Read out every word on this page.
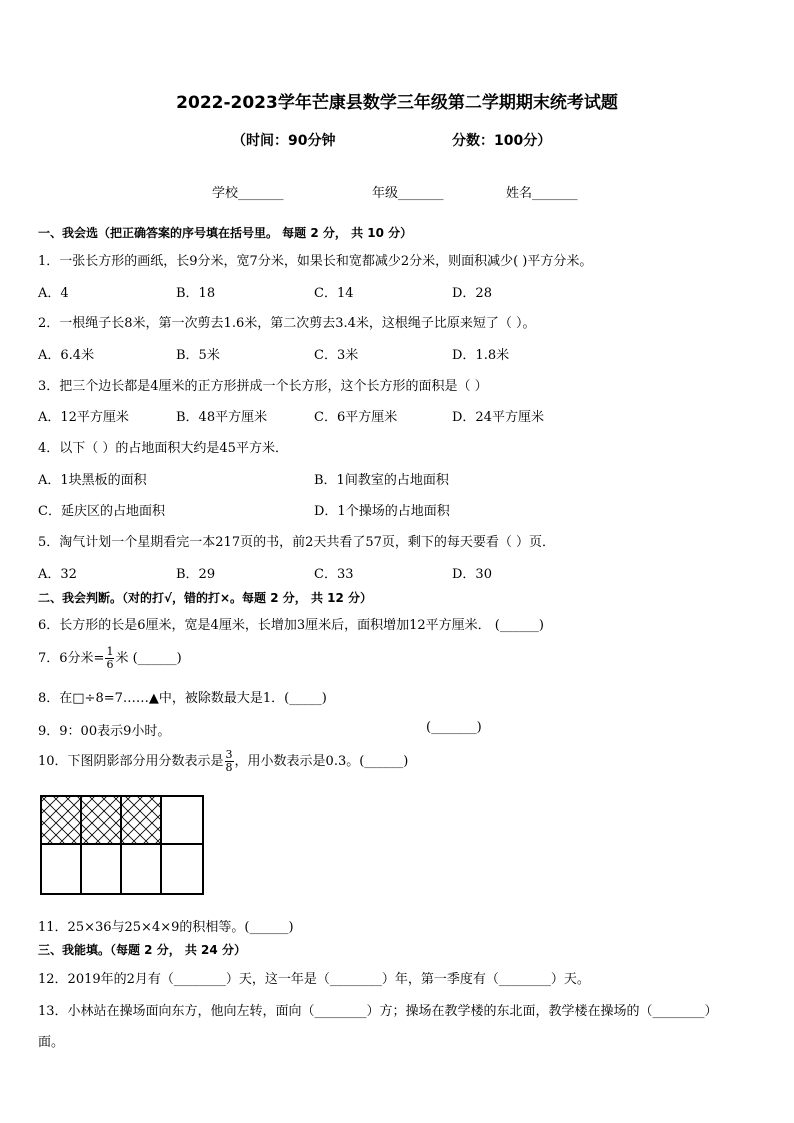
2022-2023学年芒康县数学三年级第二学期期末统考试题
（时间：90分钟	分数：100分）
学校_______	年级_______	姓名_______
一、我会选（把正确答案的序号填在括号里。 每题 2 分， 共 10 分）
1．一张长方形的画纸，长9分米，宽7分米，如果长和宽都减少2分米，则面积减少( )平方分米。
A．4	B．18	C．14	D．28
2．一根绳子长8米，第一次剪去1.6米，第二次剪去3.4米，这根绳子比原来短了（ ）。
A．6.4米	B．5米	C．3米	D．1.8米
3．把三个边长都是4厘米的正方形拼成一个长方形，这个长方形的面积是（ ）
A．12平方厘米	B．48平方厘米	C．6平方厘米	D．24平方厘米
4．以下（ ）的占地面积大约是45平方米．
A．1块黑板的面积	B．1间教室的占地面积
C．延庆区的占地面积	D．1个操场的占地面积
5．淘气计划一个星期看完一本217页的书，前2天共看了57页，剩下的每天要看（ ）页．
A．32	B．29	C．33	D．30
二、我会判断。（对的打√，错的打×。每题 2 分， 共 12 分）
6．长方形的长是6厘米，宽是4厘米，长增加3厘米后，面积增加12平方厘米． (______)
7．6分米= $\frac{1}{6}$ 米 (______)
8．在□÷8=7……▲中，被除数最大是1．(_____)
9．9：00表示9小时。	(_______)
10．下图阴影部分用分数表示是 $\frac{3}{8}$ ，用小数表示是0.3。(______)
11．25×36与25×4×9的积相等。(______)
三、我能填。（每题 2 分， 共 24 分）
12．2019年的2月有（________）天，这一年是（________）年，第一季度有（________）天。
13．小林站在操场面向东方，他向左转，面向（________）方；操场在教学楼的东北面，教学楼在操场的（________）
面。
